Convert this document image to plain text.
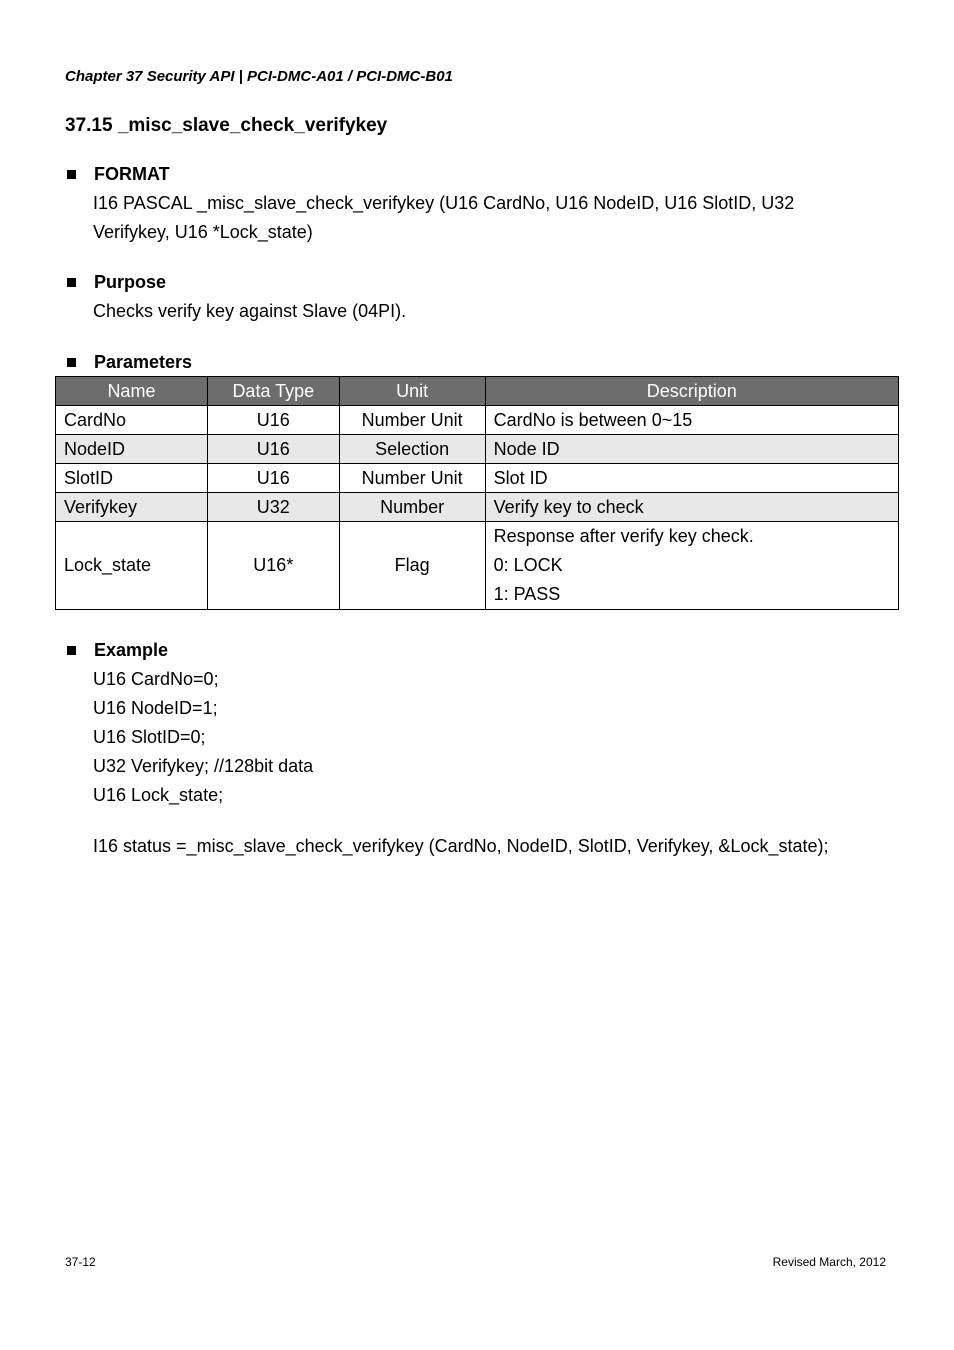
Chapter 37 Security API | PCI-DMC-A01 / PCI-DMC-B01
37.15 _misc_slave_check_verifykey
FORMAT
I16 PASCAL _misc_slave_check_verifykey (U16 CardNo, U16 NodeID, U16 SlotID, U32
Verifykey, U16 *Lock_state)
Purpose
Checks verify key against Slave (04PI).
Parameters
Name	Data Type	Unit	Description
CardNo	U16	Number Unit	CardNo is between 0~15
NodeID	U16	Selection	Node ID
SlotID	U16	Number Unit	Slot ID
Verifykey	U32	Number	Verify key to check
Lock_state	U16*	Flag	Response after verify key check.
0: LOCK
1: PASS
Example
U16 CardNo=0;
U16 NodeID=1;
U16 SlotID=0;
U32 Verifykey; //128bit data
U16 Lock_state;
I16 status =_misc_slave_check_verifykey (CardNo, NodeID, SlotID, Verifykey, &Lock_state);
37-12	Revised March, 2012
